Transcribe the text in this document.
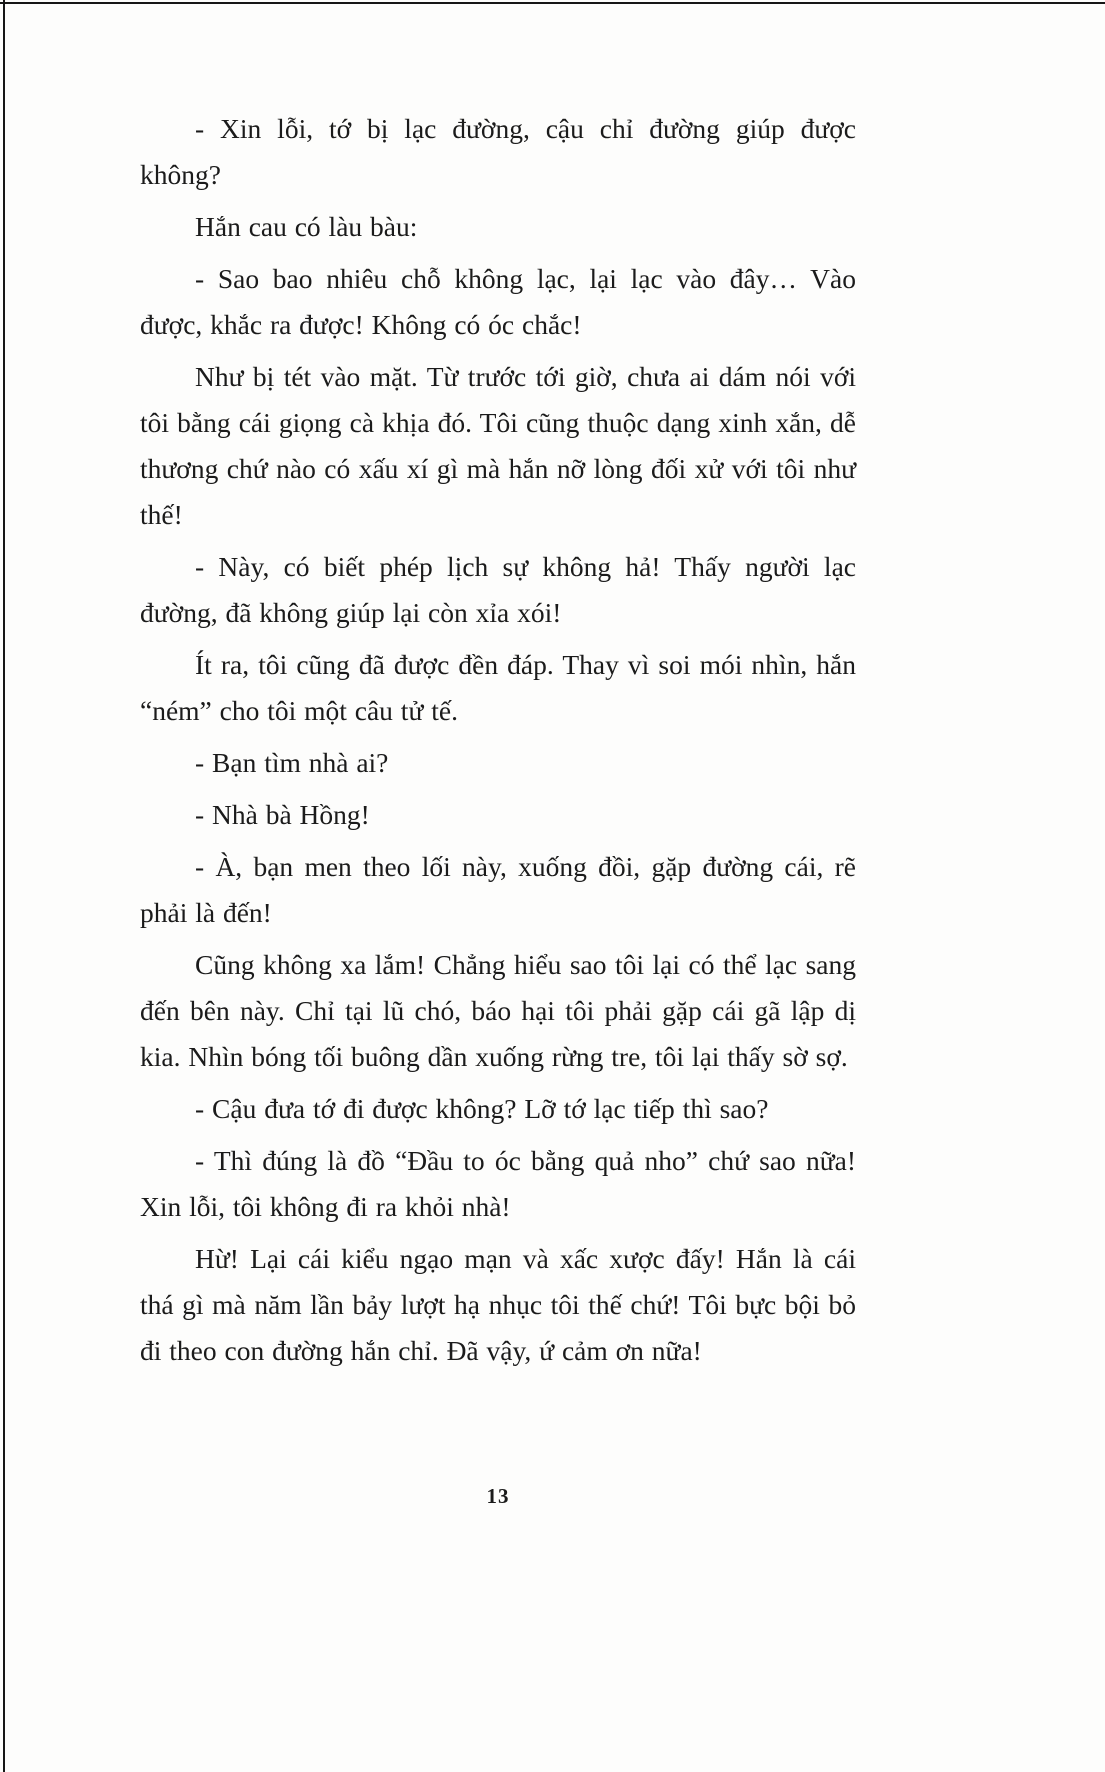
- Xin lỗi, tớ bị lạc đường, cậu chỉ đường giúp được không?

Hắn cau có làu bàu:

- Sao bao nhiêu chỗ không lạc, lại lạc vào đây… Vào được, khắc ra được! Không có óc chắc!

Như bị tét vào mặt. Từ trước tới giờ, chưa ai dám nói với tôi bằng cái giọng cà khịa đó. Tôi cũng thuộc dạng xinh xắn, dễ thương chứ nào có xấu xí gì mà hắn nỡ lòng đối xử với tôi như thế!

- Này, có biết phép lịch sự không hả! Thấy người lạc đường, đã không giúp lại còn xỉa xói!

Ít ra, tôi cũng đã được đền đáp. Thay vì soi mói nhìn, hắn “ném” cho tôi một câu tử tế.

- Bạn tìm nhà ai?

- Nhà bà Hồng!

- À, bạn men theo lối này, xuống đồi, gặp đường cái, rẽ phải là đến!

Cũng không xa lắm! Chẳng hiểu sao tôi lại có thể lạc sang đến bên này. Chỉ tại lũ chó, báo hại tôi phải gặp cái gã lập dị kia. Nhìn bóng tối buông dần xuống rừng tre, tôi lại thấy sờ sợ.

- Cậu đưa tớ đi được không? Lỡ tớ lạc tiếp thì sao?

- Thì đúng là đồ “Đầu to óc bằng quả nho” chứ sao nữa! Xin lỗi, tôi không đi ra khỏi nhà!

Hừ! Lại cái kiểu ngạo mạn và xấc xược đấy! Hắn là cái thá gì mà năm lần bảy lượt hạ nhục tôi thế chứ! Tôi bực bội bỏ đi theo con đường hắn chỉ. Đã vậy, ứ cảm ơn nữa!

13
